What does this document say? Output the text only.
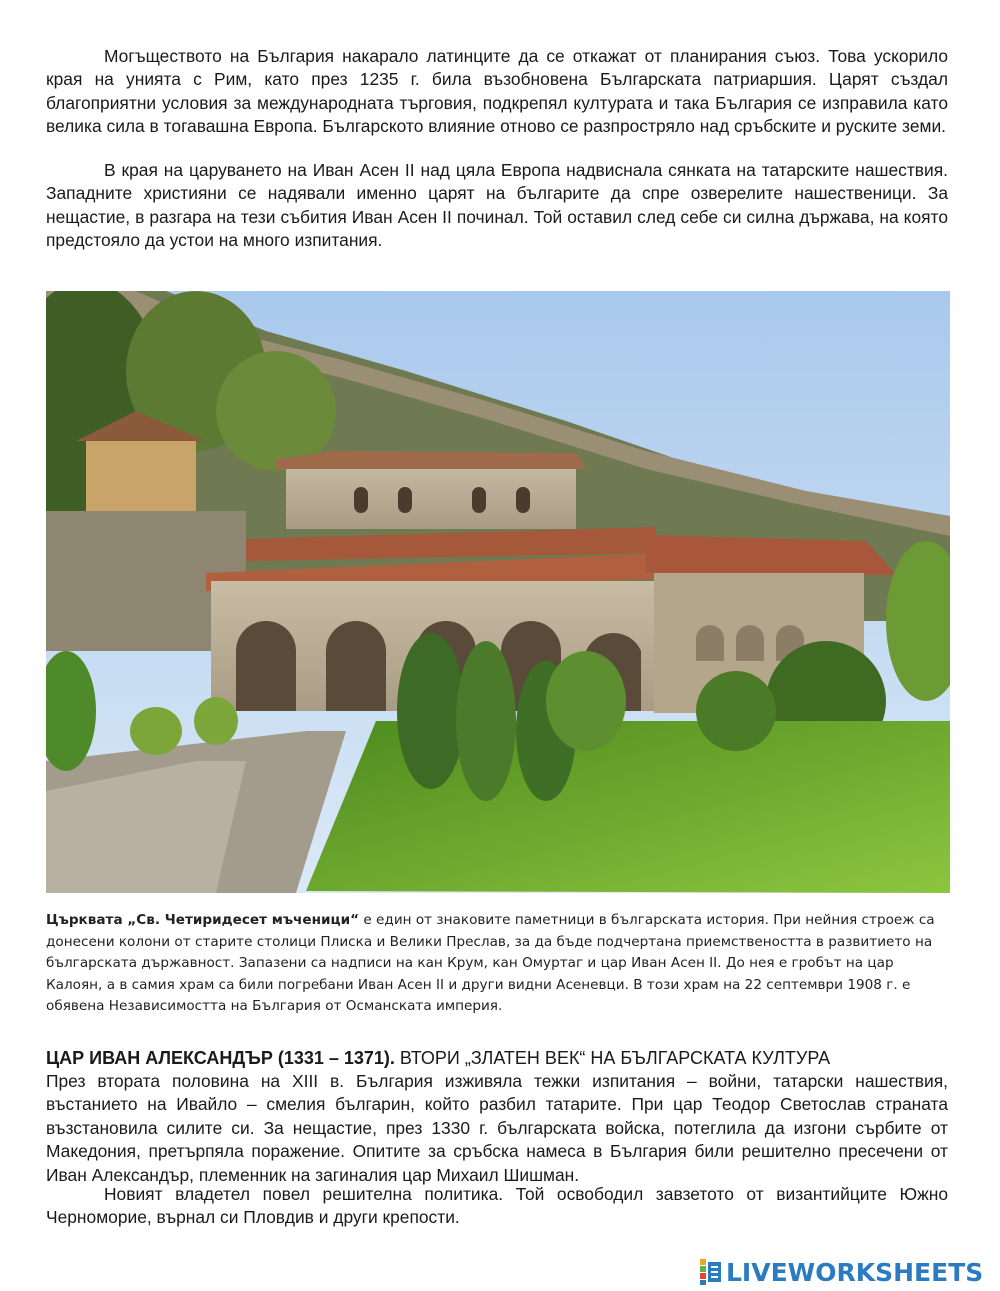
Могъществото на България накарало латинците да се откажат от планирания съюз. Това ускорило края на унията с Рим, като през 1235 г. била възобновена Българската патриаршия. Царят създал благоприятни условия за международната търговия, подкрепял културата и така България се изправила като велика сила в тогавашна Европа. Българското влияние отново се разпростряло над сръбските и руските земи.

В края на царуването на Иван Асен II над цяла Европа надвиснала сянката на татарските нашествия. Западните християни се надявали именно царят на българите да спре озверелите нашественици. За нещастие, в разгара на тези събития Иван Асен II починал. Той оставил след себе си силна държава, на която предстояло да устои на много изпитания.

Църквата „Св. Четиридесет мъченици“ е един от знаковите паметници в българската история. При нейния строеж са донесени колони от старите столици Плиска и Велики Преслав, за да бъде подчертана приемствеността в развитието на българската държавност. Запазени са надписи на кан Крум, кан Омуртаг и цар Иван Асен II. До нея е гробът на цар Калоян, а в самия храм са били погребани Иван Асен II и други видни Асеневци. В този храм на 22 септември 1908 г. е обявена Независимостта на България от Османската империя.

ЦАР ИВАН АЛЕКСАНДЪР (1331 – 1371). ВТОРИ „ЗЛАТЕН ВЕК“ НА БЪЛГАРСКАТА КУЛТУРА

През втората половина на XIII в. България изживяла тежки изпитания – войни, татарски нашествия, въстанието на Ивайло – смелия българин, който разбил татарите. При цар Теодор Светослав страната възстановила силите си. За нещастие, през 1330 г. българската войска, потеглила да изгони сърбите от Македония, претърпяла поражение. Опитите за сръбска намеса в България били решително пресечени от Иван Александър, племенник на загиналия цар Михаил Шишман.

Новият владетел повел решителна политика. Той освободил завзетото от византийците Южно Черноморие, върнал си Пловдив и други крепости.

LIVEWORKSHEETS
